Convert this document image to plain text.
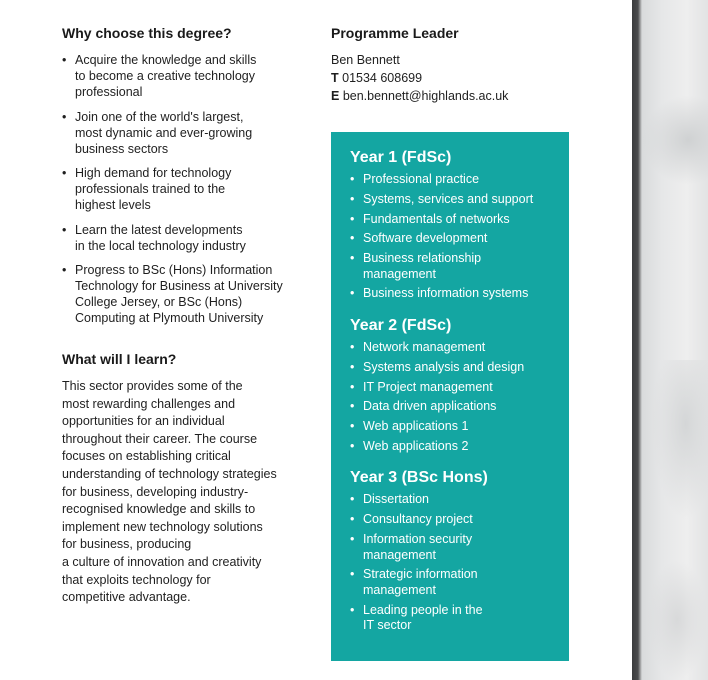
Why choose this degree?
• Acquire the knowledge and skills
to become a creative technology
professional
• Join one of the world's largest,
most dynamic and ever-growing
business sectors
• High demand for technology
professionals trained to the
highest levels
• Learn the latest developments
in the local technology industry
• Progress to BSc (Hons) Information
Technology for Business at University
College Jersey, or BSc (Hons)
Computing at Plymouth University
What will I learn?

This sector provides some of the
most rewarding challenges and
opportunities for an individual
throughout their career. The course
focuses on establishing critical
understanding of technology strategies
for business, developing industry-
recognised knowledge and skills to
implement new technology solutions
for business, producing
a culture of innovation and creativity
that exploits technology for
competitive advantage.

Programme Leader
Ben Bennett
T 01534 608699
E ben.bennett@highlands.ac.uk
Year 1 (FdSc)
• Professional practice
• Systems, services and support
• Fundamentals of networks
• Software development
• Business relationship
management
• Business information systems
Year 2 (FdSc)
• Network management
• Systems analysis and design
• IT Project management
• Data driven applications
• Web applications 1
• Web applications 2
Year 3 (BSc Hons)
• Dissertation
• Consultancy project
• Information security
management
• Strategic information
management
• Leading people in the
IT sector
